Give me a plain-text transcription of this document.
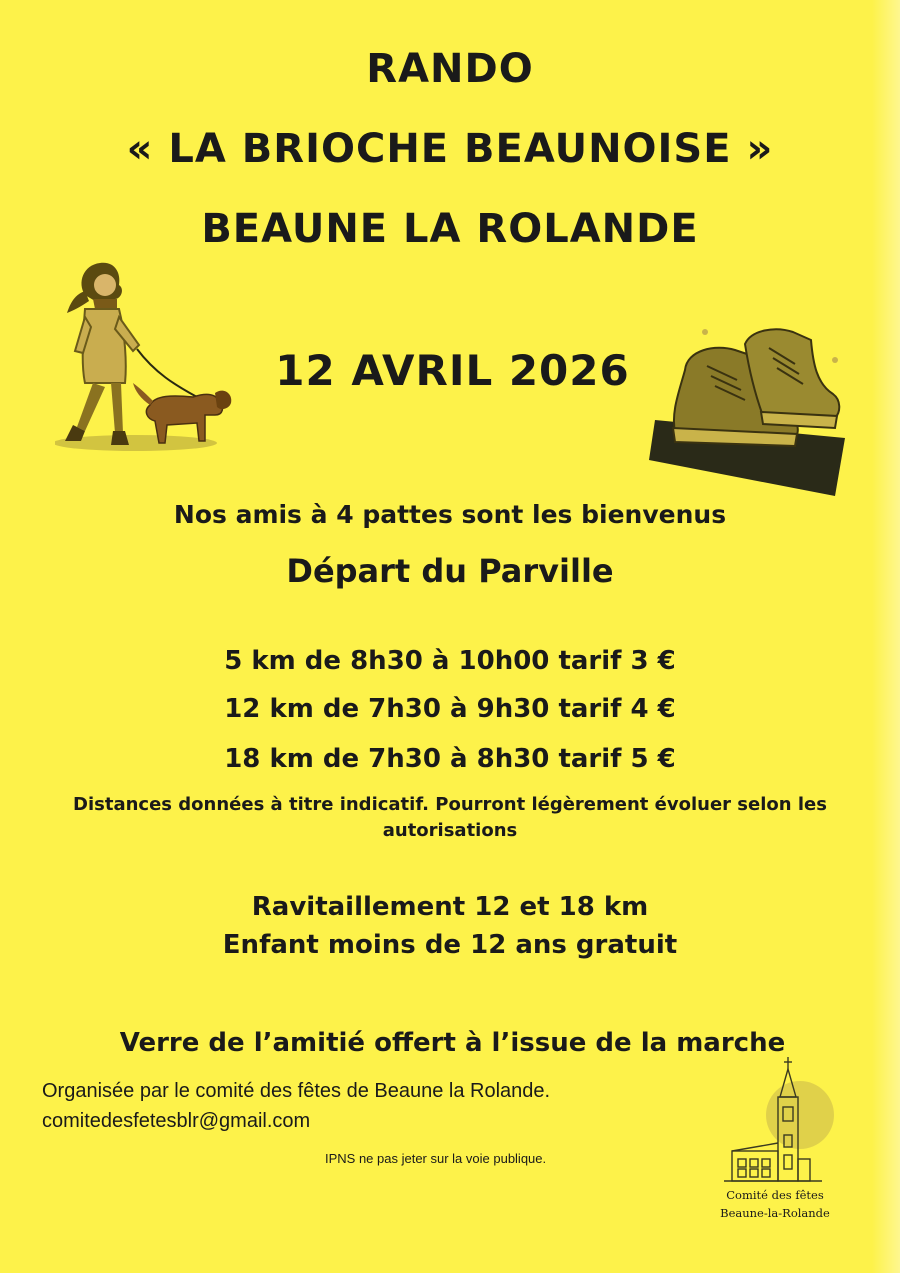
RANDO
« LA BRIOCHE BEAUNOISE »
BEAUNE LA ROLANDE
12 AVRIL 2026
Nos amis à 4 pattes sont les bienvenus
Départ du Parville
5 km de 8h30 à 10h00 tarif 3 €
12 km de 7h30 à 9h30 tarif 4 €
18 km de 7h30 à 8h30 tarif 5 €
Distances données à titre indicatif. Pourront légèrement évoluer selon les autorisations
Ravitaillement 12 et 18 km
Enfant moins de 12 ans gratuit
Verre de l’amitié offert à l’issue de la marche
Organisée par le comité des fêtes de Beaune la Rolande.
comitedesfetesblr@gmail.com
IPNS ne pas jeter sur la voie publique.
Comité des fêtes
Beaune-la-Rolande
